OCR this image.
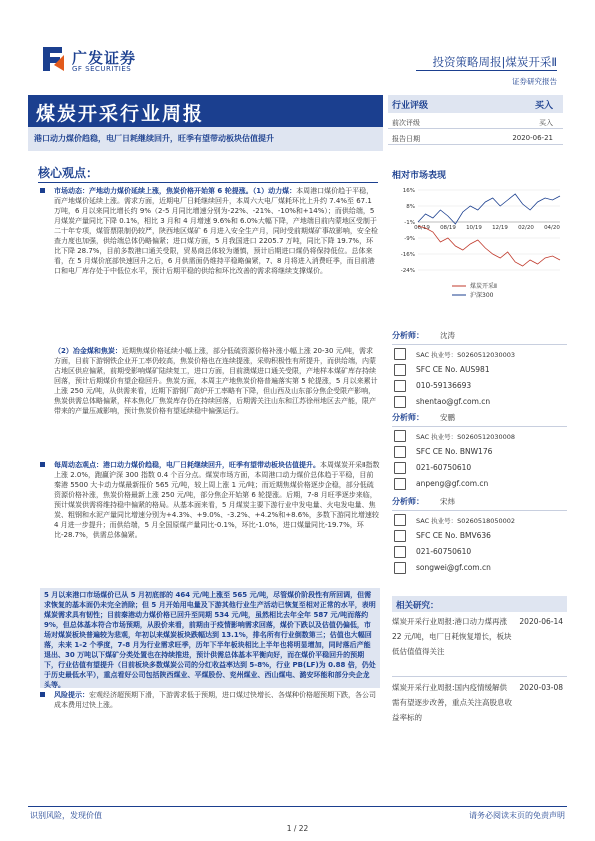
广发证券
GF SECURITIES	投资策略周报|煤炭开采Ⅱ
证券研究报告
煤炭开采行业周报
港口动力煤价趋稳，电厂日耗继续回升，旺季有望带动板块估值提升
行业评级	买入
前次评级	买入
报告日期	2020-06-21
核心观点：
市场动态：产地动力煤价延续上涨，焦炭价格开始第 6 轮提涨。（1）动力煤：本周港口煤价趋于平稳，而产地煤价延续上涨。需求方面，近期电厂日耗继续回升，本周六大电厂煤耗环比上升约 7.4%至 67.1 万吨，6 月以来同比增长约 9%（2-5 月同比增速分别为-22%、-21%、-10%和+14%）；而供给端，5 月煤炭产量同比下降 0.1%，相比 3 月和 4 月增速 9.6%和 6.0%大幅下降，产地端目前内蒙地区受制于二十年专项，煤管票限制仍较严，陕西地区煤矿 6 月进入安全生产月，同时受前期煤矿事故影响，安全检查力度也加强，供给端总体仍略偏紧；进口煤方面，5 月我国进口 2205.7 万吨，同比下降 19.7%，环比下降 28.7%，目前多数港口通关受限，贸易商总体较为谨慎，预计后期进口煤仍将保持低位。总体来看，在 5 月煤价底部快速回升之后，6 月供需面仍维持平稳略偏紧，7、8 月将进入消费旺季，而目前港口和电厂库存处于中低位水平，预计后期平稳的供给和环比改善的需求将继续支撑煤价。
（2）冶金煤和焦炭：近期焦煤价格延续小幅上涨，部分低硫资源价格补涨小幅上涨 20-30 元/吨，需求方面，目前下游钢铁企业开工率仍较高，焦炭价格也在连续提涨，采购积极性有所提升，而供给端，内蒙古地区供应偏紧，前期受影响煤矿陆续复工，进口方面，目前澳煤进口通关受限，产地样本煤矿库存持续回落，预计后期煤价有望企稳回升。焦炭方面，本周主产地焦炭价格普遍落实第 5 轮提涨，5 月以来累计上涨 250 元/吨，从供需来看，近期下游钢厂高炉开工率略有下降，但山西及山东部分焦企受限产影响，焦炭供需总体略偏紧，样本焦化厂焦炭库存仍在持续回落，后期需关注山东和江苏徐州地区去产能，限产带来的产量压减影响，预计焦炭价格有望延续稳中偏强运行。
每周动态观点：港口动力煤价趋稳，电厂日耗继续回升，旺季有望带动板块估值提升。本周煤炭开采Ⅱ指数上涨 2.0%，跑赢沪深 300 指数 0.4 个百分点。煤炭市场方面，本周港口动力煤价总体趋于平稳，目前秦港 5500 大卡动力煤最新报价 565 元/吨，较上周上涨 1 元/吨；而近期焦煤价格逐步企稳，部分低硫资源价格补涨，焦炭价格最新上涨 250 元/吨，部分焦企开始第 6 轮提涨。后期，7-8 月旺季逐步来临，预计煤炭供需将维持稳中偏紧的格局。从基本面来看，5 月煤炭主要下游行业中发电量、火电发电量、焦炭、粗钢和水泥产量同比增速分别为+4.3%、+9.0%、-3.2%、+4.2%和+8.6%，多数下游同比增速较 4 月进一步提升；而供给端，5 月全国原煤产量同比-0.1%，环比-1.0%，进口煤量同比-19.7%，环比-28.7%，供需总体偏紧。
5 月以来港口市场煤价已从 5 月初底部的 464 元/吨上涨至 565 元/吨，尽管煤价阶段性有所回调，但需求恢复的基本面仍未完全消除；但 5 月开始用电量及下游其他行业生产活动已恢复至相对正常的水平，表明煤炭需求具有韧性；目前秦港动力煤价格已回升至同期 534 元/吨，虽然相比去年全年 587 元/吨而落约 9%，但总体基本符合市场预期，从股价来看，前期由于疫情影响需求回落，煤价下跌以及估值仍偏低，市场对煤炭板块普遍较为悲观，年初以来煤炭板块跌幅达到 13.1%，排名所有行业倒数第三；估值也大幅回落，未来 1-2 个季度，7-8 月为行业需求旺季，历年下半年板块相比上半年也将明显增加，同时落后产能退出、30 万吨以下煤矿分类处置也在持续推进，预计供需总体基本平衡向好，而在煤价平稳回升的预期下，行业估值有望提升（目前板块多数煤炭公司的分红收益率达到 5-8%，行业 PB(LF)为 0.88 倍，仍处于历史最低水平），重点看好公司包括陕西煤业、平煤股份、兖州煤业、西山煤电、潞安环能和部分央企龙头等。
风险提示：宏观经济超预期下滑，下游需求低于预期，进口煤过快增长、各煤种价格超预期下跌，各公司成本费用过快上涨。
相对市场表现
16%
8%
-1%
-9%
-16%
-24%
06/19 08/19 10/19 12/19 02/20 04/20
煤炭开采Ⅱ
沪深300
分析师： 沈涛
SAC 执业号：S0260512030003
SFC CE No. AUS981
010-59136693
shentao@gf.com.cn
分析师： 安鹏
SAC 执业号：S0260512030008
SFC CE No. BNW176
021-60750610
anpeng@gf.com.cn
分析师： 宋炜
SAC 执业号：S0260518050002
SFC CE No. BMV636
021-60750610
songwei@gf.com.cn
相关研究：
煤炭开采行业周报:港口动力煤再涨 22 元/吨，电厂日耗恢复增长，板块低估值值得关注
2020-06-14
煤炭开采行业周报:国内疫情缓解供需有望逐步改善，重点关注高股息收益率标的
2020-03-08
识别风险，发现价值	请务必阅读末页的免责声明
1 / 22
